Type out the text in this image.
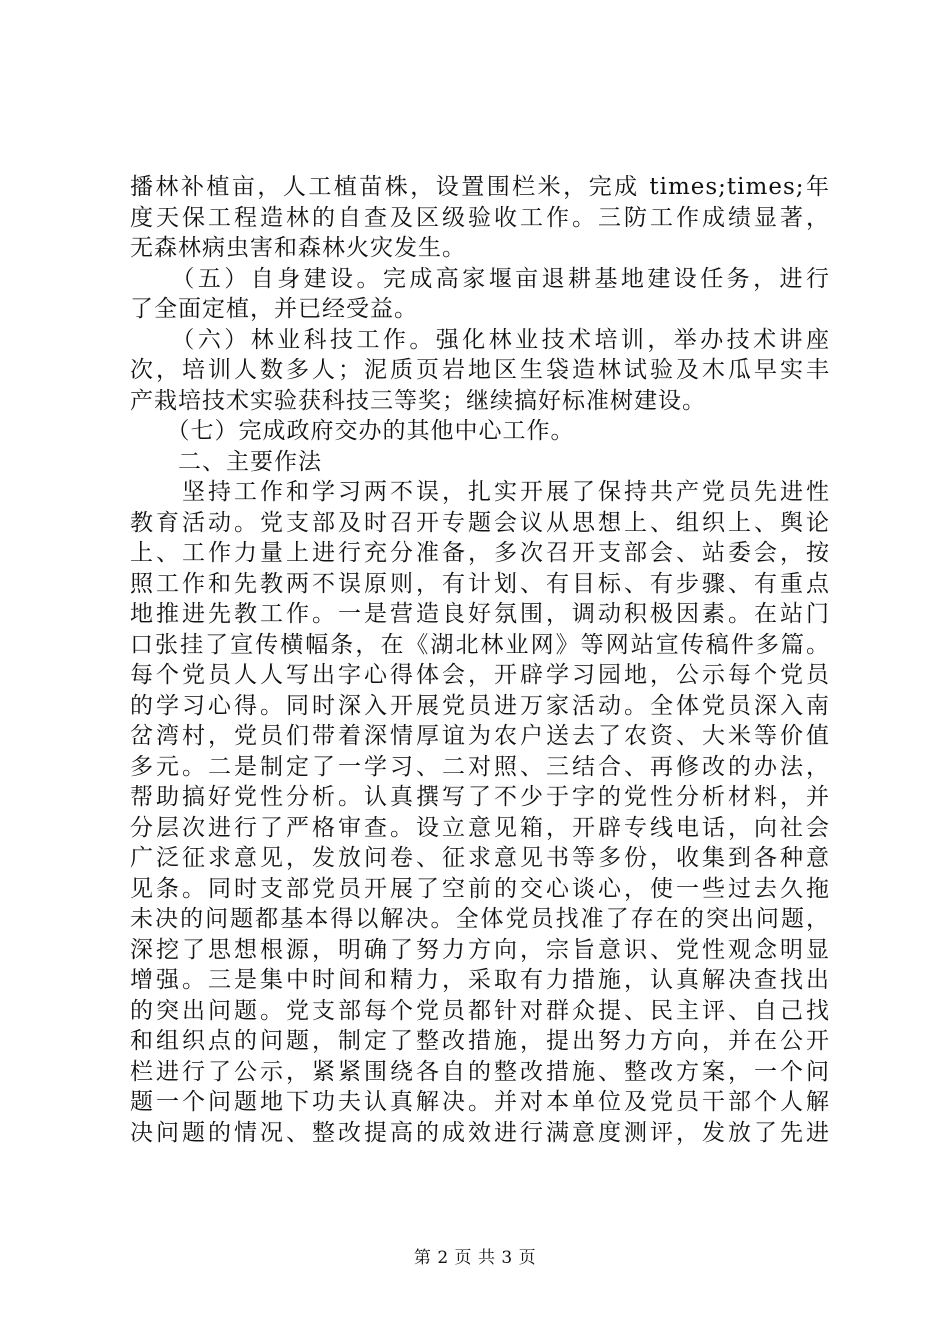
播林补植亩，人工植苗株，设置围栏米，完成 times;times;年
度天保工程造林的自查及区级验收工作。三防工作成绩显著，
无森林病虫害和森林火灾发生。
　　（五）自身建设。完成高家堰亩退耕基地建设任务，进行
了全面定植，并已经受益。
　　（六）林业科技工作。强化林业技术培训，举办技术讲座
次，培训人数多人；泥质页岩地区生袋造林试验及木瓜早实丰
产栽培技术实验获科技三等奖；继续搞好标准树建设。
　　（七）完成政府交办的其他中心工作。
　　二、主要作法
　　坚持工作和学习两不误，扎实开展了保持共产党员先进性
教育活动。党支部及时召开专题会议从思想上、组织上、舆论
上、工作力量上进行充分准备，多次召开支部会、站委会，按
照工作和先教两不误原则，有计划、有目标、有步骤、有重点
地推进先教工作。一是营造良好氛围，调动积极因素。在站门
口张挂了宣传横幅条，在《湖北林业网》等网站宣传稿件多篇。
每个党员人人写出字心得体会，开辟学习园地，公示每个党员
的学习心得。同时深入开展党员进万家活动。全体党员深入南
岔湾村，党员们带着深情厚谊为农户送去了农资、大米等价值
多元。二是制定了一学习、二对照、三结合、再修改的办法，
帮助搞好党性分析。认真撰写了不少于字的党性分析材料，并
分层次进行了严格审查。设立意见箱，开辟专线电话，向社会
广泛征求意见，发放问卷、征求意见书等多份，收集到各种意
见条。同时支部党员开展了空前的交心谈心，使一些过去久拖
未决的问题都基本得以解决。全体党员找准了存在的突出问题，
深挖了思想根源，明确了努力方向，宗旨意识、党性观念明显
增强。三是集中时间和精力，采取有力措施，认真解决查找出
的突出问题。党支部每个党员都针对群众提、民主评、自己找
和组织点的问题，制定了整改措施，提出努力方向，并在公开
栏进行了公示，紧紧围绕各自的整改措施、整改方案，一个问
题一个问题地下功夫认真解决。并对本单位及党员干部个人解
决问题的情况、整改提高的成效进行满意度测评，发放了先进
第 2 页 共 3 页
